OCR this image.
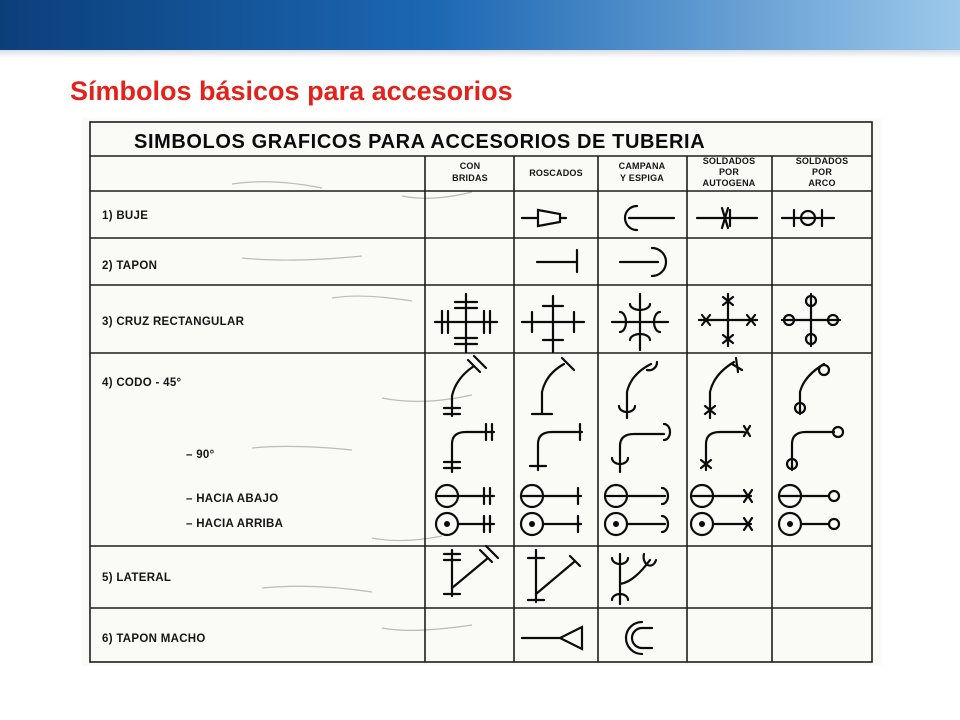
Símbolos básicos para accesorios
SIMBOLOS GRAFICOS PARA ACCESORIOS DE TUBERIA
CON
BRIDAS	ROSCADOS
CAMPANA
Y ESPIGA
SOLDADOS
POR
AUTOGENA
SOLDADOS
POR
ARCO
1) BUJE
2) TAPON
3) CRUZ RECTANGULAR
4) CODO - 45°
– 90°
– HACIA ABAJO
– HACIA ARRIBA
5) LATERAL
6) TAPON MACHO
